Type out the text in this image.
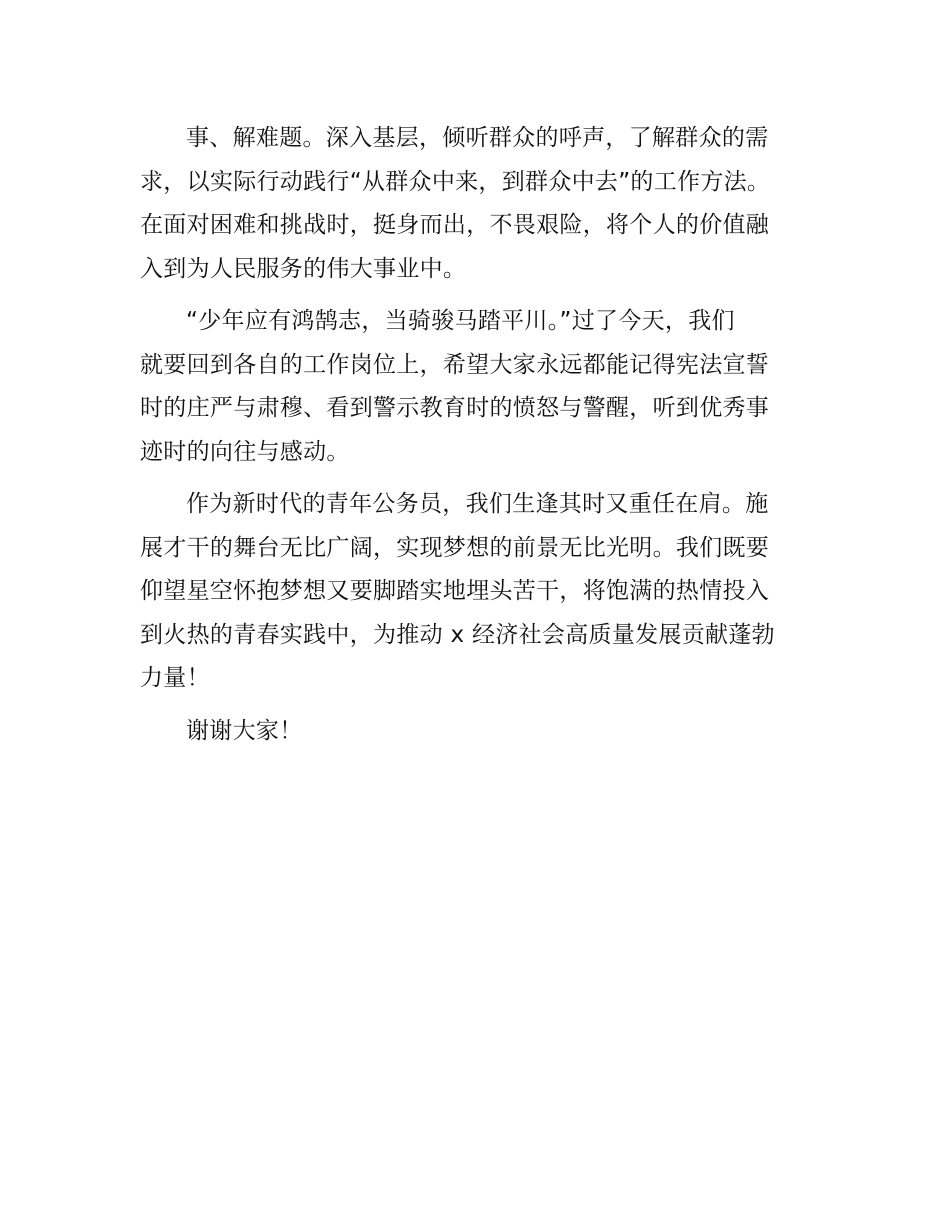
事、解难题。深入基层，倾听群众的呼声，了解群众的需
求，以实际行动践行“从群众中来，到群众中去”的工作方法。
在面对困难和挑战时，挺身而出，不畏艰险，将个人的价值融
入到为人民服务的伟大事业中。
“少年应有鸿鹄志，当骑骏马踏平川。”过了今天，我们
就要回到各自的工作岗位上，希望大家永远都能记得宪法宣誓
时的庄严与肃穆、看到警示教育时的愤怒与警醒，听到优秀事
迹时的向往与感动。
作为新时代的青年公务员，我们生逢其时又重任在肩。施
展才干的舞台无比广阔，实现梦想的前景无比光明。我们既要
仰望星空怀抱梦想又要脚踏实地埋头苦干，将饱满的热情投入
到火热的青春实践中，为推动 x 经济社会高质量发展贡献蓬勃
力量！
谢谢大家！
